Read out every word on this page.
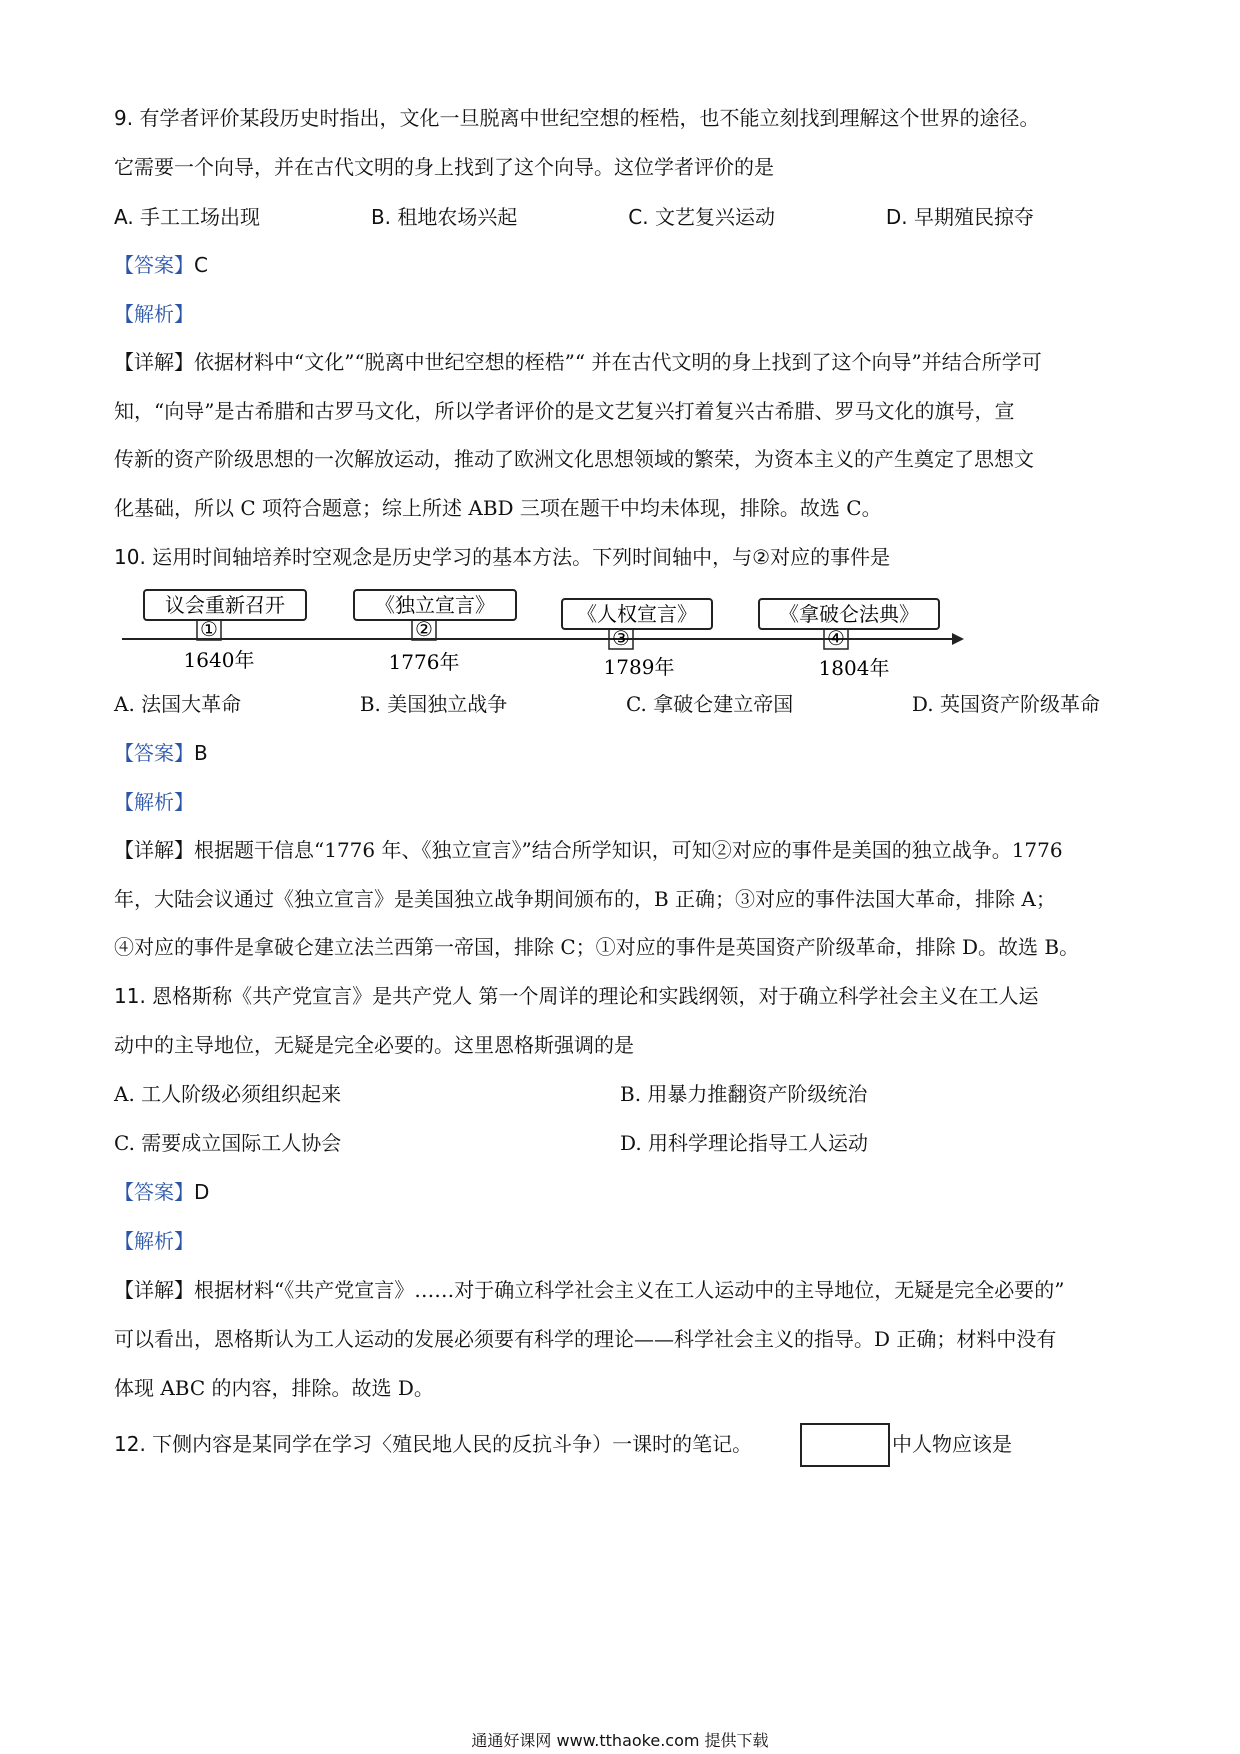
9. 有学者评价某段历史时指出，文化一旦脱离中世纪空想的桎梏，也不能立刻找到理解这个世界的途径。
它需要一个向导，并在古代文明的身上找到了这个向导。这位学者评价的是
A. 手工工场出现	B. 租地农场兴起	C. 文艺复兴运动	D. 早期殖民掠夺
【答案】C
【解析】
【详解】依据材料中“文化”“脱离中世纪空想的桎梏”“ 并在古代文明的身上找到了这个向导”并结合所学可
知，“向导”是古希腊和古罗马文化，所以学者评价的是文艺复兴打着复兴古希腊、罗马文化的旗号，宣
传新的资产阶级思想的一次解放运动，推动了欧洲文化思想领域的繁荣，为资本主义的产生奠定了思想文
化基础，所以 C 项符合题意；综上所述 ABD 三项在题干中均未体现，排除。故选 C。
10. 运用时间轴培养时空观念是历史学习的基本方法。下列时间轴中，与②对应的事件是
议会重新召开
①
1640年
《独立宣言》
②
1776年
《人权宣言》
③
1789年
《拿破仑法典》
④
1804年
A. 法国大革命	B. 美国独立战争	C. 拿破仑建立帝国	D. 英国资产阶级革命
【答案】B
【解析】
【详解】根据题干信息“1776 年、《独立宣言》”结合所学知识，可知②对应的事件是美国的独立战争。1776
年，大陆会议通过《独立宣言》是美国独立战争期间颁布的，B 正确；③对应的事件法国大革命，排除 A；
④对应的事件是拿破仑建立法兰西第一帝国，排除 C；①对应的事件是英国资产阶级革命，排除 D。故选 B。
11. 恩格斯称《共产党宣言》是共产党人 第一个周详的理论和实践纲领，对于确立科学社会主义在工人运
动中的主导地位，无疑是完全必要的。这里恩格斯强调的是
A. 工人阶级必须组织起来	B. 用暴力推翻资产阶级统治
C. 需要成立国际工人协会	D. 用科学理论指导工人运动
【答案】D
【解析】
【详解】根据材料“《共产党宣言》……对于确立科学社会主义在工人运动中的主导地位，无疑是完全必要的”
可以看出，恩格斯认为工人运动的发展必须要有科学的理论——科学社会主义的指导。D 正确；材料中没有
体现 ABC 的内容，排除。故选 D。
12. 下侧内容是某同学在学习〈殖民地人民的反抗斗争）一课时的笔记。	中人物应该是
通通好课网 www.tthaoke.com 提供下载
